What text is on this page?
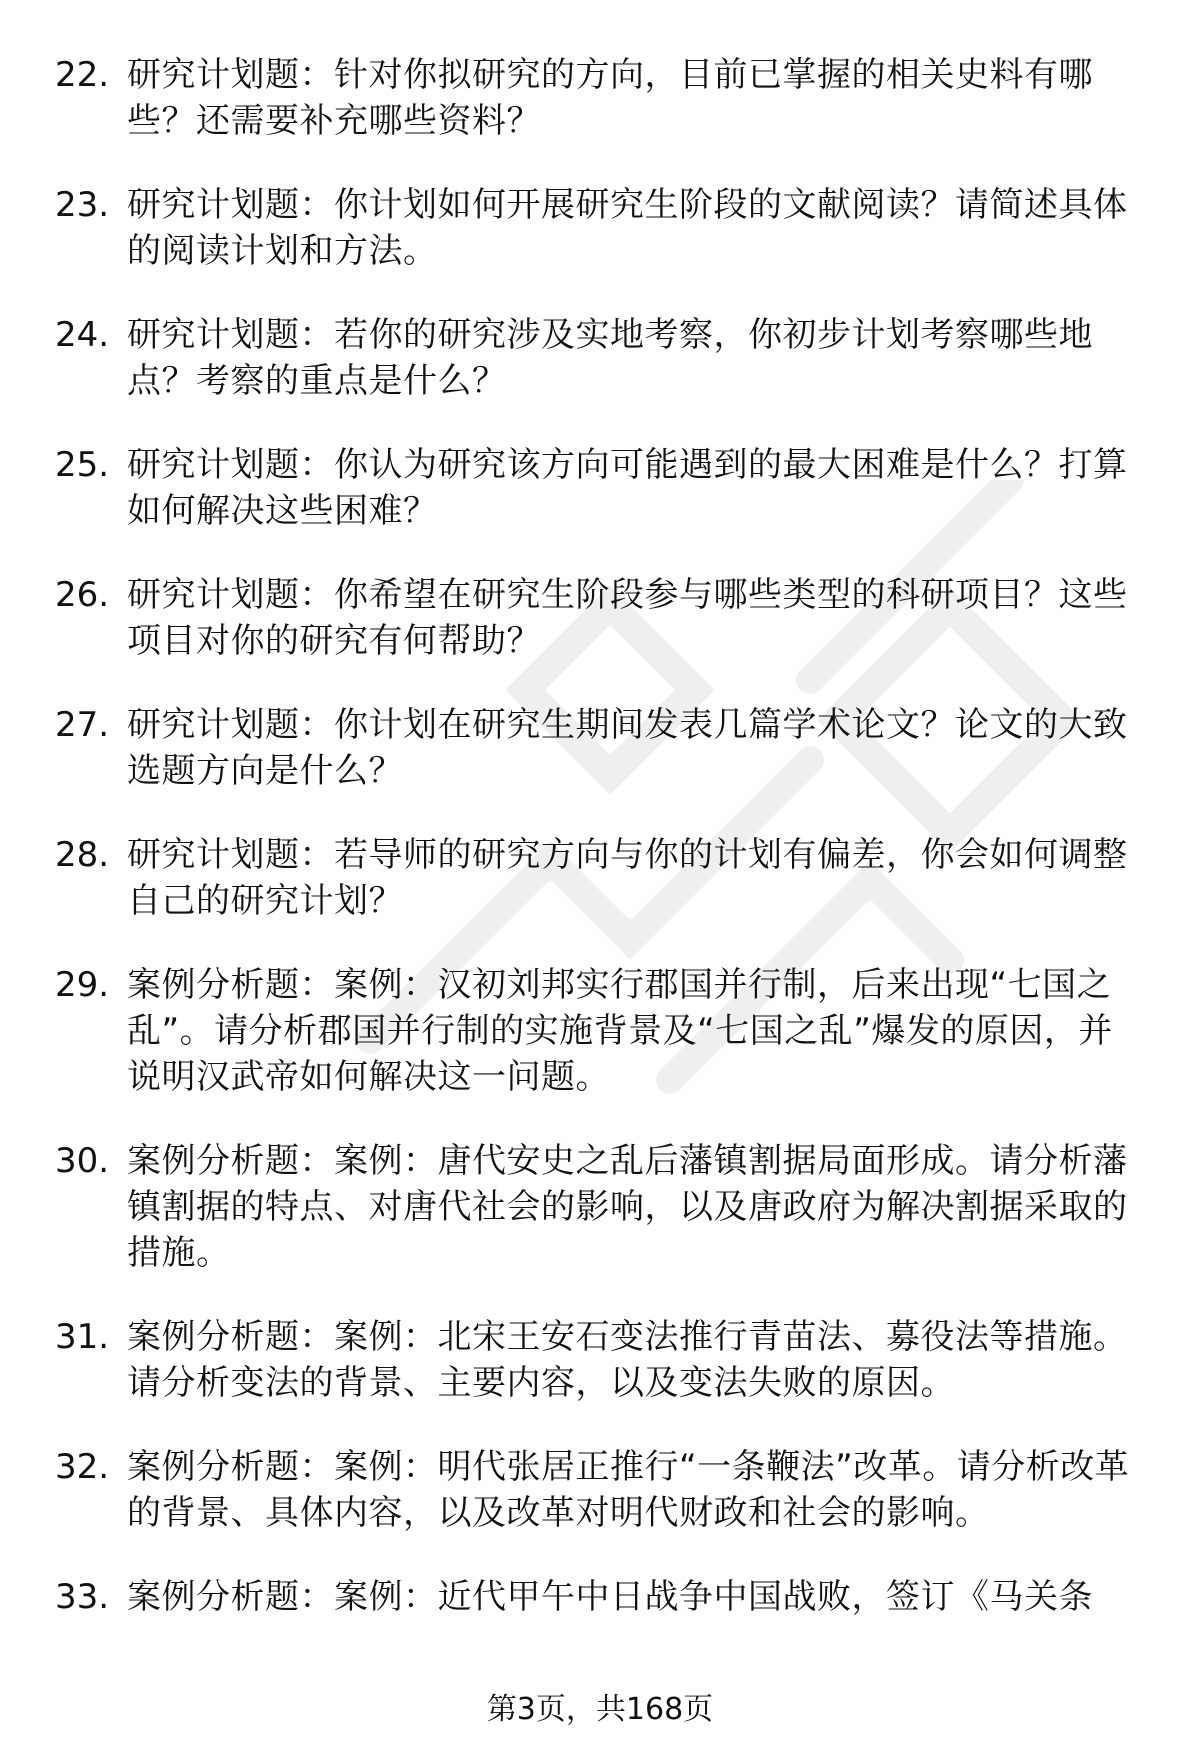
22. 研究计划题：针对你拟研究的方向，目前已掌握的相关史料有哪些？还需要补充哪些资料？
23. 研究计划题：你计划如何开展研究生阶段的文献阅读？请简述具体的阅读计划和方法。
24. 研究计划题：若你的研究涉及实地考察，你初步计划考察哪些地点？考察的重点是什么？
25. 研究计划题：你认为研究该方向可能遇到的最大困难是什么？打算如何解决这些困难？
26. 研究计划题：你希望在研究生阶段参与哪些类型的科研项目？这些项目对你的研究有何帮助？
27. 研究计划题：你计划在研究生期间发表几篇学术论文？论文的大致选题方向是什么？
28. 研究计划题：若导师的研究方向与你的计划有偏差，你会如何调整自己的研究计划？
29. 案例分析题：案例：汉初刘邦实行郡国并行制，后来出现“七国之乱”。请分析郡国并行制的实施背景及“七国之乱”爆发的原因，并说明汉武帝如何解决这一问题。
30. 案例分析题：案例：唐代安史之乱后藩镇割据局面形成。请分析藩镇割据的特点、对唐代社会的影响，以及唐政府为解决割据采取的措施。
31. 案例分析题：案例：北宋王安石变法推行青苗法、募役法等措施。请分析变法的背景、主要内容，以及变法失败的原因。
32. 案例分析题：案例：明代张居正推行“一条鞭法”改革。请分析改革的背景、具体内容，以及改革对明代财政和社会的影响。
33. 案例分析题：案例：近代甲午中日战争中国战败，签订《马关条
第3页，共168页
